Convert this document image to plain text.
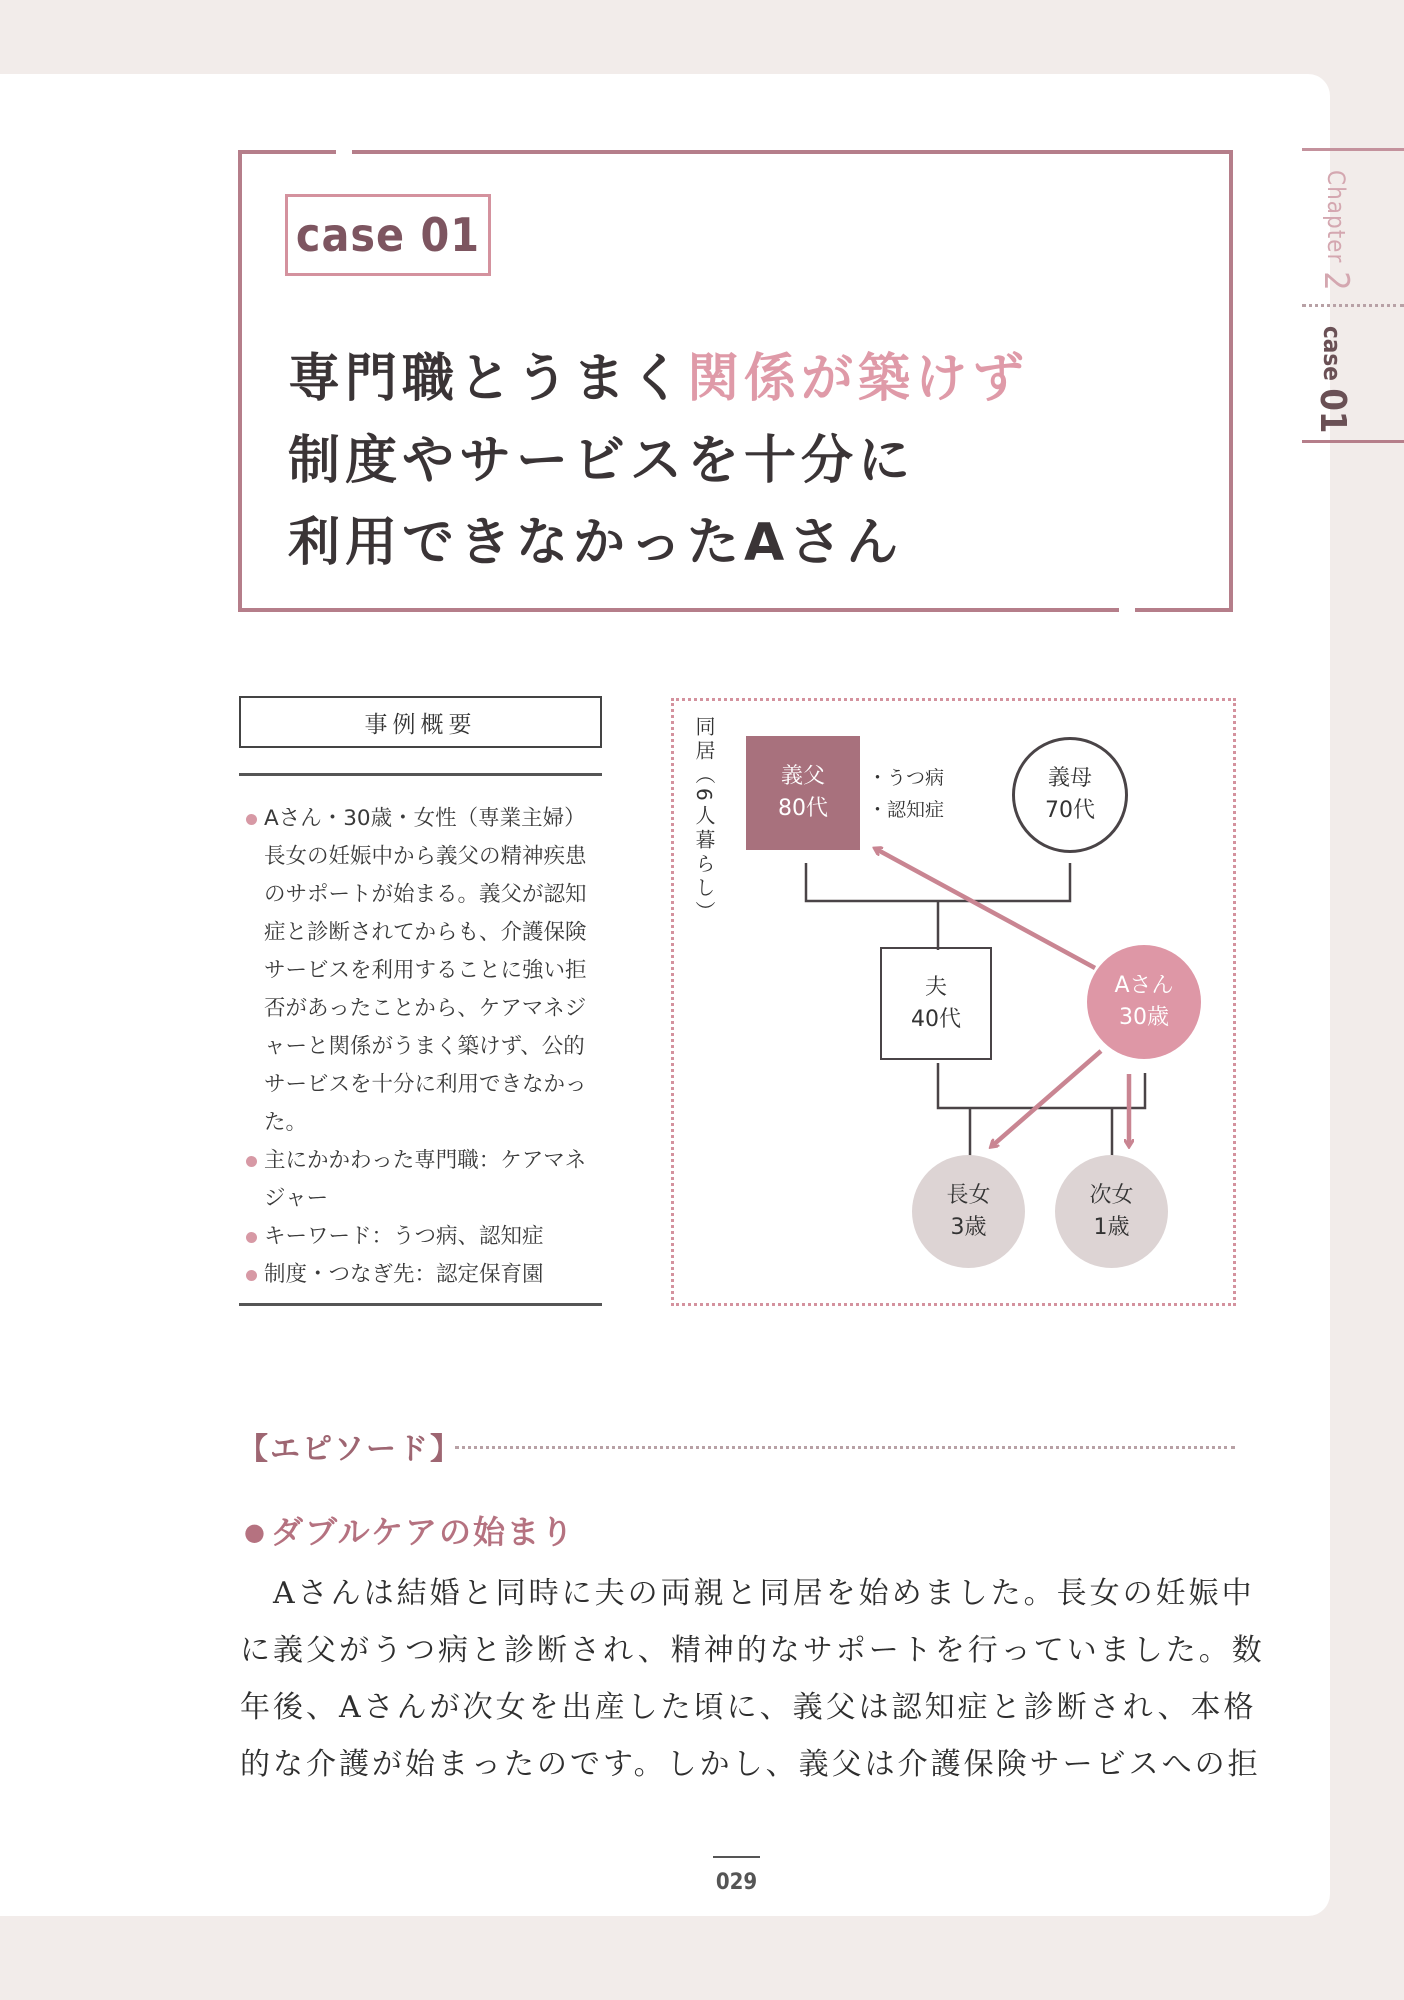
Chapter 2
case 01
case 01
専門職とうまく関係が築けず
制度やサービスを十分に
利用できなかったAさん
事例概要

Aさん・30歳・女性（専業主婦）長女の妊娠中から義父の精神疾患のサポートが始まる。義父が認知症と診断されてからも、介護保険サービスを利用することに強い拒否があったことから、ケアマネジャーと関係がうまく築けず、公的サービスを十分に利用できなかった。

主にかかわった専門職：ケアマネジャー

キーワード：うつ病、認知症

制度・つなぎ先：認定保育園

同居（6人暮らし）	義父
80代
・うつ病
・認知症
義母
70代
夫
40代
Aさん
30歳
長女
3歳
次女
1歳
【エピソード】
● ダブルケアの始まり
　Aさんは結婚と同時に夫の両親と同居を始めました。長女の妊娠中
に義父がうつ病と診断され、精神的なサポートを行っていました。数
年後、Aさんが次女を出産した頃に、義父は認知症と診断され、本格
的な介護が始まったのです。しかし、義父は介護保険サービスへの拒
029
